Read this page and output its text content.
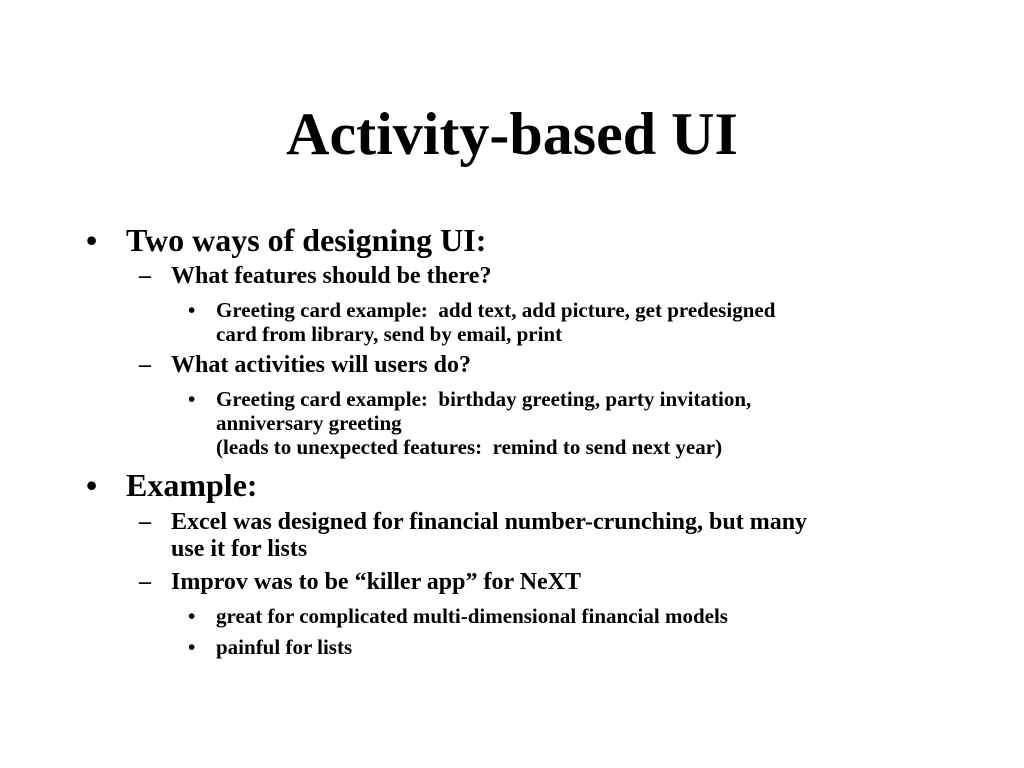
Activity-based UI
• Two ways of designing UI:
– What features should be there?
• Greeting card example:  add text, add picture, get predesigned
card from library, send by email, print
– What activities will users do?
• Greeting card example:  birthday greeting, party invitation,
anniversary greeting
(leads to unexpected features:  remind to send next year)
• Example:
– Excel was designed for financial number-crunching, but many
use it for lists
– Improv was to be “killer app” for NeXT
• great for complicated multi-dimensional financial models
• painful for lists
